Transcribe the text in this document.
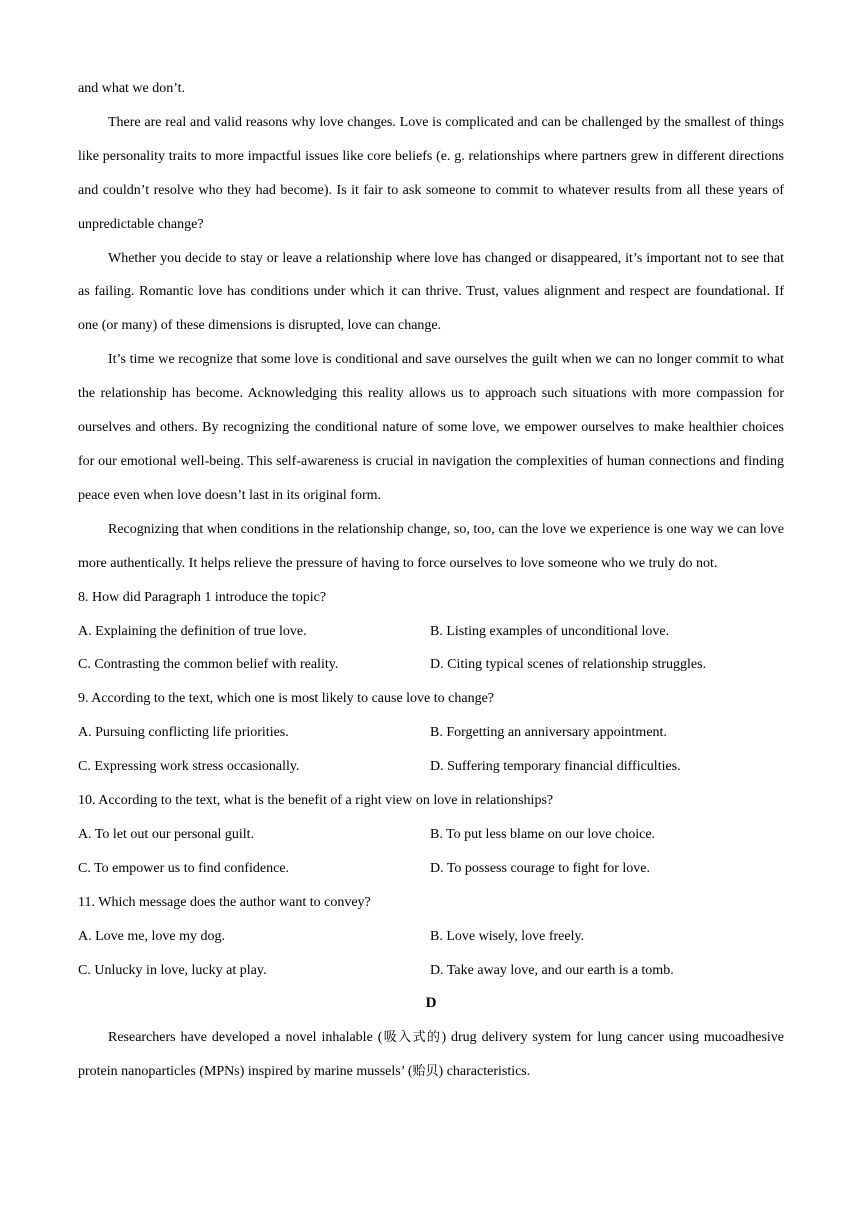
and what we don’t.

There are real and valid reasons why love changes. Love is complicated and can be challenged by the smallest of things like personality traits to more impactful issues like core beliefs (e. g. relationships where partners grew in different directions and couldn’t resolve who they had become). Is it fair to ask someone to commit to whatever results from all these years of unpredictable change?

Whether you decide to stay or leave a relationship where love has changed or disappeared, it’s important not to see that as failing. Romantic love has conditions under which it can thrive. Trust, values alignment and respect are foundational. If one (or many) of these dimensions is disrupted, love can change.

It’s time we recognize that some love is conditional and save ourselves the guilt when we can no longer commit to what the relationship has become. Acknowledging this reality allows us to approach such situations with more compassion for ourselves and others. By recognizing the conditional nature of some love, we empower ourselves to make healthier choices for our emotional well-being. This self-awareness is crucial in navigation the complexities of human connections and finding peace even when love doesn’t last in its original form.

Recognizing that when conditions in the relationship change, so, too, can the love we experience is one way we can love more authentically. It helps relieve the pressure of having to force ourselves to love someone who we truly do not.

8. How did Paragraph 1 introduce the topic?

A. Explaining the definition of true love.	B. Listing examples of unconditional love.
C. Contrasting the common belief with reality.	D. Citing typical scenes of relationship struggles.

9. According to the text, which one is most likely to cause love to change?

A. Pursuing conflicting life priorities.	B. Forgetting an anniversary appointment.
C. Expressing work stress occasionally.	D. Suffering temporary financial difficulties.

10. According to the text, what is the benefit of a right view on love in relationships?

A. To let out our personal guilt.	B. To put less blame on our love choice.
C. To empower us to find confidence.	D. To possess courage to fight for love.

11. Which message does the author want to convey?

A. Love me, love my dog.	B. Love wisely, love freely.
C. Unlucky in love, lucky at play.	D. Take away love, and our earth is a tomb.
D

Researchers have developed a novel inhalable (吸入式的) drug delivery system for lung cancer using mucoadhesive protein nanoparticles (MPNs) inspired by marine mussels’ (贻贝) characteristics.
